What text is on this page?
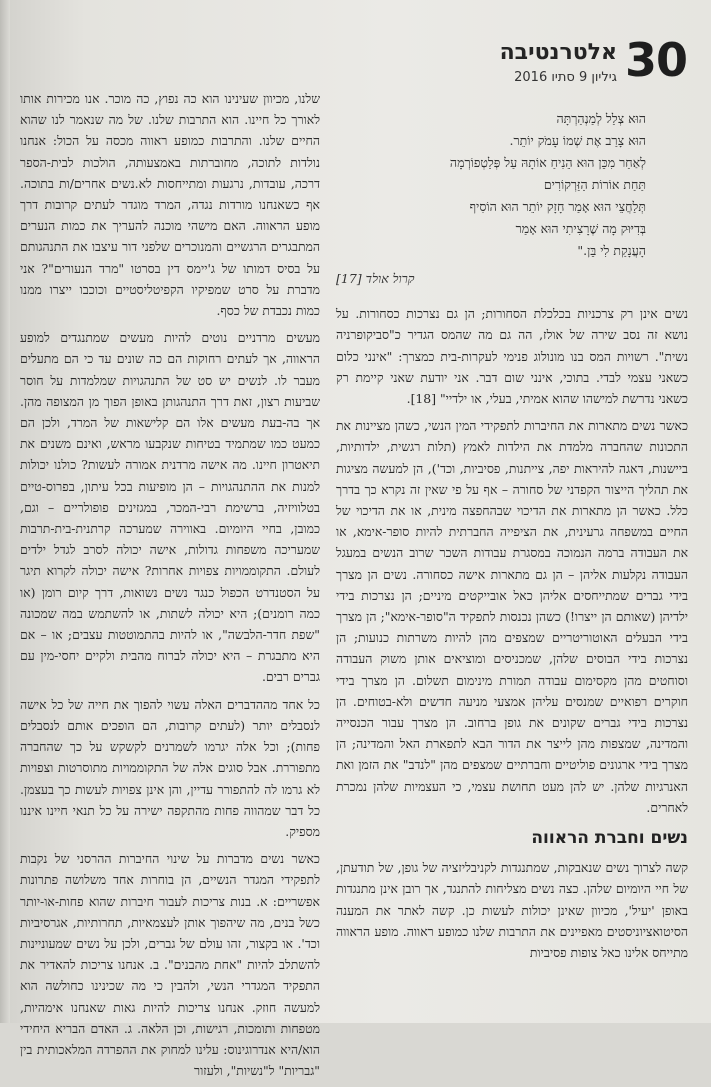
30
אלטרנטיבה
גיליון 9 סתיו 2016
הוּא צְלַל לְמַנְהַרְתָּה
הוּא צָרַב אֶת שְׁמוֹ עָמֹק יוֹתֵר.
לְאַחַר מִכֵּן הוּא הֵנִיחַ אוֹתָהּ עַל פְּלַטְפוֹרְמָה
תַּחַת אוֹרוֹת הַזַּרְקוֹרִים
תְּלַחֲצֵי הוּא אָמַר חָזָק יוֹתֵר הוּא הוֹסִיף
בְּדִיּוּק מָה שֶׁרָצִיתִי הוּא אָמַר
הָעֲנָקַת לִי בֵּן."
קרול אולד [17]

נשים אינן רק צרכניות בכלכלת הסחורות; הן גם נצרכות כסחורות. על נושא זה נסב שירה של אולז, הה גם מה שהמס הגדיר כ"סביקופרניה נשית". רשויות המס בנו מונולוג פנימי לעקרות-בית כמצרך: "אינני כלום כשאני עצמי לבדי. בתוכי, אינני שום דבר. אני יודעת שאני קיימת רק כשאני נדרשת למישהו שהוא אמיתי, בעלי, או ילדיי" [18].

כאשר נשים מתארות את החיברות לתפקידי המין הנשי, כשהן מציינות את התכונות שהחברה מלמדת את הילדות לאמץ (תלות רגשית, ילדותיות, ביישנות, דאגה להיראות יפה, צייתנות, פסיביות, וכד'), הן למעשה מציגות את תהליך הייצור הקפדני של סחורה – אף על פי שאין זה נקרא כך בדרך כלל. כאשר הן מתארות את הדיכוי שבהחפצה מינית, או את הדיכוי של החיים במשפחה גרעינית, את הציפייה החברתית להיות סופר-אימא, או את העבודה ברמה הנמוכה במסגרת עבודות השכר שרוב הנשים במעגל העבודה נקלעות אליהן – הן גם מתארות אישה כסחורה. נשים הן מצרך בידי גברים שמתייחסים אליהן כאל אובייקטים מיניים; הן נצרכות בידי ילדיהן (שאותם הן ייצרו!) כשהן נכנסות לתפקיד ה"סופר-אימא"; הן מצרך בידי הבעלים האוטוריטריים שמצפים מהן להיות משרתות כנועות; הן נצרכות בידי הבוסים שלהן, שמכניסים ומוציאים אותן משוק העבודה וסוחטים מהן מקסימום עבודה תמורת מינימום תשלום. הן מצרך בידי חוקרים רפואיים שמנסים עליהן אמצעי מניעה חדשים ולא-בטוחים. הן נצרכות בידי גברים שקונים את גופן ברחוב. הן מצרך עבור הכנסייה והמדינה, שמצפות מהן לייצר את הדור הבא לתפארת האל והמדינה; הן מצרך בידי ארגונים פוליטיים וחברתיים שמצפים מהן "לנדב" את הזמן ואת האנרגיות שלהן. יש להן מעט תחושת עצמי, כי העצמיות שלהן נמכרת לאחרים.

נשים וחברת הראווה

קשה לצרוך נשים שנאבקות, שמתנגדות לקניבליזציה של גופן, של תודעתן, של חיי היומיום שלהן. כצה נשים מצליחות להתנגד, אך רובן אינן מתנגדות באופן 'יעיל', מכיוון שאינן יכולות לעשות כן. קשה לאתר את המענה הסיטואציוניסטים מאפיינים את התרבות שלנו כמופע ראווה. מופע הראווה מתייחס אלינו כאל צופות פסיביות

שלנו, מכיוון שעינינו הוא כה נפוץ, כה מוכר. אנו מכירות אותו לאורך כל חיינו. הוא התרבות שלנו. של מה שנאמר לנו שהוא החיים שלנו. והתרבות כמופע ראווה מכסה על הכול: אנחנו נולדות לתוכה, מחוברתות באמצעותה, הולכות לבית-הספר דרכה, עובדות, נרגעות ומתייחסות לא.נשים אחרים/ות בתוכה. אף כשאנחנו מורדות נגדה, המרד מוגדר לעתים קרובות דרך מופע הראווה. האם מישהי מוכנה להעריך את כמות הנערים המתבגרים הרגשיים והמנוכרים שלפני דור עיצבו את התנהגותם על בסיס דמותו של ג'יימס דין בסרטו "מרד הנעורים"? אני מדברת על סרט שמפיקיו הקפיטליסטיים וכוכבו ייצרו ממנו כמות נכבדת של כסף.

מעשים מרדניים נוטים להיות מעשים שמתנגדים למופע הראווה, אך לעתים רחוקות הם כה שונים עד כי הם מתעלים מעבר לו. לנשים יש סט של התנהגויות שמלמדות על חוסר שביעות רצון, זאת דרך התנהגותן באופן הפוך מן המצופה מהן. אך בה-בעת מעשים אלו הם קלישאות של המרד, ולכן הם כמעט כמו שמתמיד בטיחות שנקבעו מראש, ואינם משנים את תיאטרון חיינו. מה אישה מרדנית אמורה לעשות? כולנו יכולות למנות את ההתנהגויות – הן מופיעות בכל עיתון, בפרוס-טיים בטלוויזיה, ברשימת רבי-המכר, במגזינים פופולריים – וגם, כמובן, בחיי היומיום. באווירה שמערכה קרתנית-בית-תרבות שמעריכה משפחות גדולות, אישה יכולה לסרב לגדל ילדים לעולם. התקוממויות צפויות אחרות? אישה יכולה לקרוא תיגר על הסטנדרט הכפול כנגד נשים נשואות, דרך קיום רומן (או כמה רומנים); היא יכולה לשתות, או להשתמש במה שמכונה "שפת חדר-הלבשה", או להיות בהתמוטטות עצבים; או – אם היא מתבגרת – היא יכולה לברוח מהבית ולקיים יחסי-מין עם גברים רבים.

כל אחד מההדברים האלה עשוי להפוך את חייה של כל אישה לנסבלים יותר (לעתים קרובות, הם הופכים אותם לנסבלים פחות); וכל אלה יגרמו לשמרנים לקשקש על כך שהחברה מתפוררת. אבל סוגים אלה של התקוממויות מתוסרטות וצפויות לא גרמו לה להתפורר עדיין, והן אינן צפויות לעשות כך בעצמן. כל דבר שמהווה פחות מהתקפה ישירה על כל תנאי חיינו איננו מספיק.

כאשר נשים מדברות על שינוי החיברות ההרסני של נקבות לתפקידי המגדר הנשיים, הן בוחרות אחד משלושה פתרונות אפשריים: א. בנות צריכות לעבור חיברות שהוא פחות-או-יותר כשל בנים, מה שיהפוך אותן לעצמאיות, תחרותיות, אגרסיביות וכד'. או בקצור, זהו עולם של גברים, ולכן על נשים שמעוניינות להשתלב להיות "אחת מהבנים". ב. אנחנו צריכות להאדיר את התפקיד המגדרי הנשי, ולהבין כי מה שכינינו כחולשה הוא למעשה חוזק. אנחנו צריכות להיות גאות שאנחנו אימהיות, מטפחות ותומכות, רגישות, וכן הלאה. ג. האדם הבריא היחידי הוא/היא אנדרוגינוס: עלינו למחוק את ההפרדה המלאכותית בין "גבריות" ל"נשיות", ולעזור
